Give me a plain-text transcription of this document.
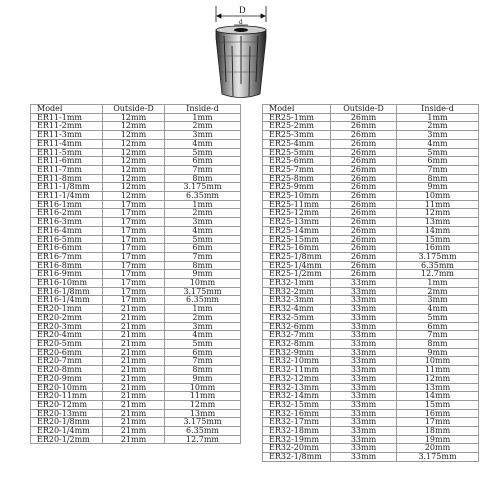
D
d
Model	Outside-D	Inside-d
ER11-1mm	12mm	1mm
ER11-2mm	12mm	2mm
ER11-3mm	12mm	3mm
ER11-4mm	12mm	4mm
ER11-5mm	12mm	5mm
ER11-6mm	12mm	6mm
ER11-7mm	12mm	7mm
ER11-8mm	12mm	8mm
ER11-1/8mm	12mm	3.175mm
ER11-1/4mm	12mm	6.35mm
ER16-1mm	17mm	1mm
ER16-2mm	17mm	2mm
ER16-3mm	17mm	3mm
ER16-4mm	17mm	4mm
ER16-5mm	17mm	5mm
ER16-6mm	17mm	6mm
ER16-7mm	17mm	7mm
ER16-8mm	17mm	8mm
ER16-9mm	17mm	9mm
ER16-10mm	17mm	10mm
ER16-1/8mm	17mm	3.175mm
ER16-1/4mm	17mm	6.35mm
ER20-1mm	21mm	1mm
ER20-2mm	21mm	2mm
ER20-3mm	21mm	3mm
ER20-4mm	21mm	4mm
ER20-5mm	21mm	5mm
ER20-6mm	21mm	6mm
ER20-7mm	21mm	7mm
ER20-8mm	21mm	8mm
ER20-9mm	21mm	9mm
ER20-10mm	21mm	10mm
ER20-11mm	21mm	11mm
ER20-12mm	21mm	12mm
ER20-13mm	21mm	13mm
ER20-1/8mm	21mm	3.175mm
ER20-1/4mm	21mm	6.35mm
ER20-1/2mm	21mm	12.7mm
Model	Outside-D	Inside-d
ER25-1mm	26mm	1mm
ER25-2mm	26mm	2mm
ER25-3mm	26mm	3mm
ER25-4mm	26mm	4mm
ER25-5mm	26mm	5mm
ER25-6mm	26mm	6mm
ER25-7mm	26mm	7mm
ER25-8mm	26mm	8mm
ER25-9mm	26mm	9mm
ER25-10mm	26mm	10mm
ER25-11mm	26mm	11mm
ER25-12mm	26mm	12mm
ER25-13mm	26mm	13mm
ER25-14mm	26mm	14mm
ER25-15mm	26mm	15mm
ER25-16mm	26mm	16mm
ER25-1/8mm	26mm	3.175mm
ER25-1/4mm	26mm	6.35mm
ER25-1/2mm	26mm	12.7mm
ER32-1mm	33mm	1mm
ER32-2mm	33mm	2mm
ER32-3mm	33mm	3mm
ER32-4mm	33mm	4mm
ER32-5mm	33mm	5mm
ER32-6mm	33mm	6mm
ER32-7mm	33mm	7mm
ER32-8mm	33mm	8mm
ER32-9mm	33mm	9mm
ER32-10mm	33mm	10mm
ER32-11mm	33mm	11mm
ER32-12mm	33mm	12mm
ER32-13mm	33mm	13mm
ER32-14mm	33mm	14mm
ER32-15mm	33mm	15mm
ER32-16mm	33mm	16mm
ER32-17mm	33mm	17mm
ER32-18mm	33mm	18mm
ER32-19mm	33mm	19mm
ER32-20mm	33mm	20mm
ER32-1/8mm	33mm	3.175mm
